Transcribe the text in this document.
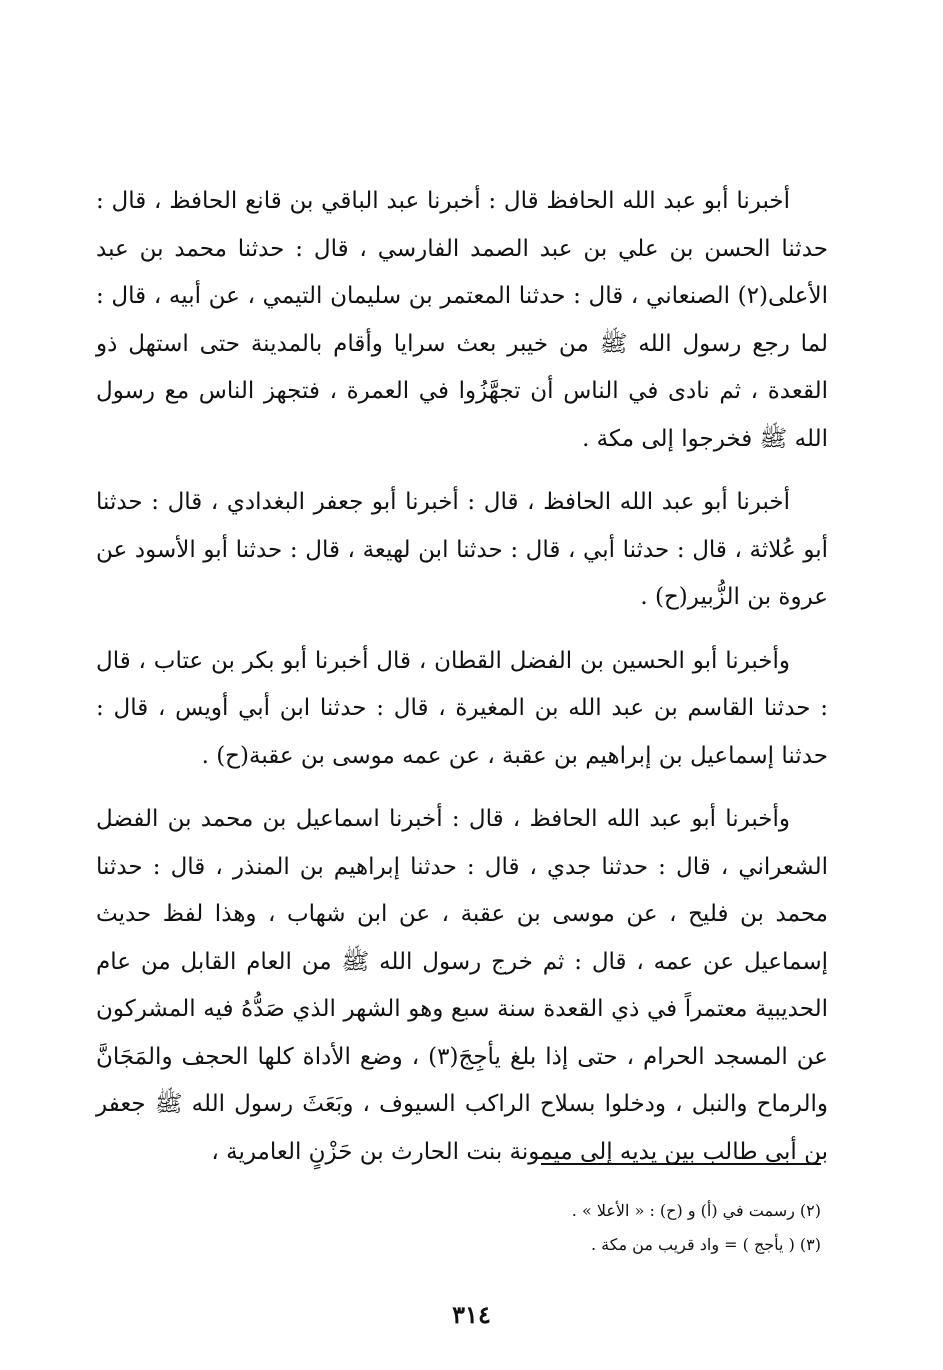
أخبرنا أبو عبد الله الحافظ قال : أخبرنا عبد الباقي بن قانع الحافظ ، قال : حدثنا الحسن بن علي بن عبد الصمد الفارسي ، قال : حدثنا محمد بن عبد الأعلى(٢) الصنعاني ، قال : حدثنا المعتمر بن سليمان التيمي ، عن أبيه ، قال : لما رجع رسول الله ﷺ من خيبر بعث سرايا وأقام بالمدينة حتى استهل ذو القعدة ، ثم نادى في الناس أن تجهَّزُوا في العمرة ، فتجهز الناس مع رسول الله ﷺ فخرجوا إلى مكة .

أخبرنا أبو عبد الله الحافظ ، قال : أخبرنا أبو جعفر البغدادي ، قال : حدثنا أبو عُلاثة ، قال : حدثنا أبي ، قال : حدثنا ابن لهيعة ، قال : حدثنا أبو الأسود عن عروة بن الزُّبير(ح) .

وأخبرنا أبو الحسين بن الفضل القطان ، قال أخبرنا أبو بكر بن عتاب ، قال : حدثنا القاسم بن عبد الله بن المغيرة ، قال : حدثنا ابن أبي أويس ، قال : حدثنا إسماعيل بن إبراهيم بن عقبة ، عن عمه موسى بن عقبة(ح) .

وأخبرنا أبو عبد الله الحافظ ، قال : أخبرنا اسماعيل بن محمد بن الفضل الشعراني ، قال : حدثنا جدي ، قال : حدثنا إبراهيم بن المنذر ، قال : حدثنا محمد بن فليح ، عن موسى بن عقبة ، عن ابن شهاب ، وهذا لفظ حديث إسماعيل عن عمه ، قال : ثم خرج رسول الله ﷺ من العام القابل من عام الحديبية معتمراً في ذي القعدة سنة سبع وهو الشهر الذي صَدُّهُ فيه المشركون عن المسجد الحرام ، حتى إذا بلغ يأجِجَ(٣) ، وضع الأداة كلها الحجف والمَجَانَّ والرماح والنبل ، ودخلوا بسلاح الراكب السيوف ، وبَعَثَ رسول الله ﷺ جعفر بن أبي طالب بين يديه إلى ميمونة بنت الحارث بن حَزْنٍ العامرية ،

(٢) رسمت في (أ) و (ح) : « الأعلا » .

(٣) ( يأجج ) = واد قريب من مكة .

٣١٤
